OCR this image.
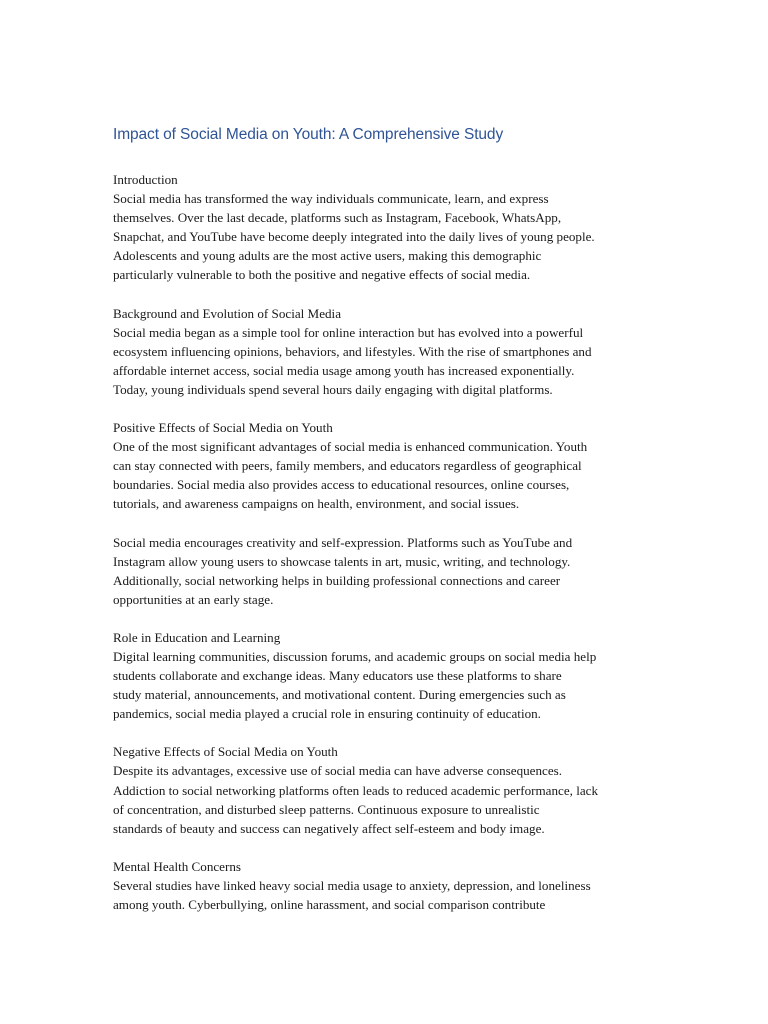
Impact of Social Media on Youth: A Comprehensive Study
Introduction
Social media has transformed the way individuals communicate, learn, and express
themselves. Over the last decade, platforms such as Instagram, Facebook, WhatsApp,
Snapchat, and YouTube have become deeply integrated into the daily lives of young people.
Adolescents and young adults are the most active users, making this demographic
particularly vulnerable to both the positive and negative effects of social media.
Background and Evolution of Social Media
Social media began as a simple tool for online interaction but has evolved into a powerful
ecosystem influencing opinions, behaviors, and lifestyles. With the rise of smartphones and
affordable internet access, social media usage among youth has increased exponentially.
Today, young individuals spend several hours daily engaging with digital platforms.
Positive Effects of Social Media on Youth
One of the most significant advantages of social media is enhanced communication. Youth
can stay connected with peers, family members, and educators regardless of geographical
boundaries. Social media also provides access to educational resources, online courses,
tutorials, and awareness campaigns on health, environment, and social issues.
Social media encourages creativity and self-expression. Platforms such as YouTube and
Instagram allow young users to showcase talents in art, music, writing, and technology.
Additionally, social networking helps in building professional connections and career
opportunities at an early stage.
Role in Education and Learning
Digital learning communities, discussion forums, and academic groups on social media help
students collaborate and exchange ideas. Many educators use these platforms to share
study material, announcements, and motivational content. During emergencies such as
pandemics, social media played a crucial role in ensuring continuity of education.
Negative Effects of Social Media on Youth
Despite its advantages, excessive use of social media can have adverse consequences.
Addiction to social networking platforms often leads to reduced academic performance, lack
of concentration, and disturbed sleep patterns. Continuous exposure to unrealistic
standards of beauty and success can negatively affect self-esteem and body image.
Mental Health Concerns
Several studies have linked heavy social media usage to anxiety, depression, and loneliness
among youth. Cyberbullying, online harassment, and social comparison contribute
